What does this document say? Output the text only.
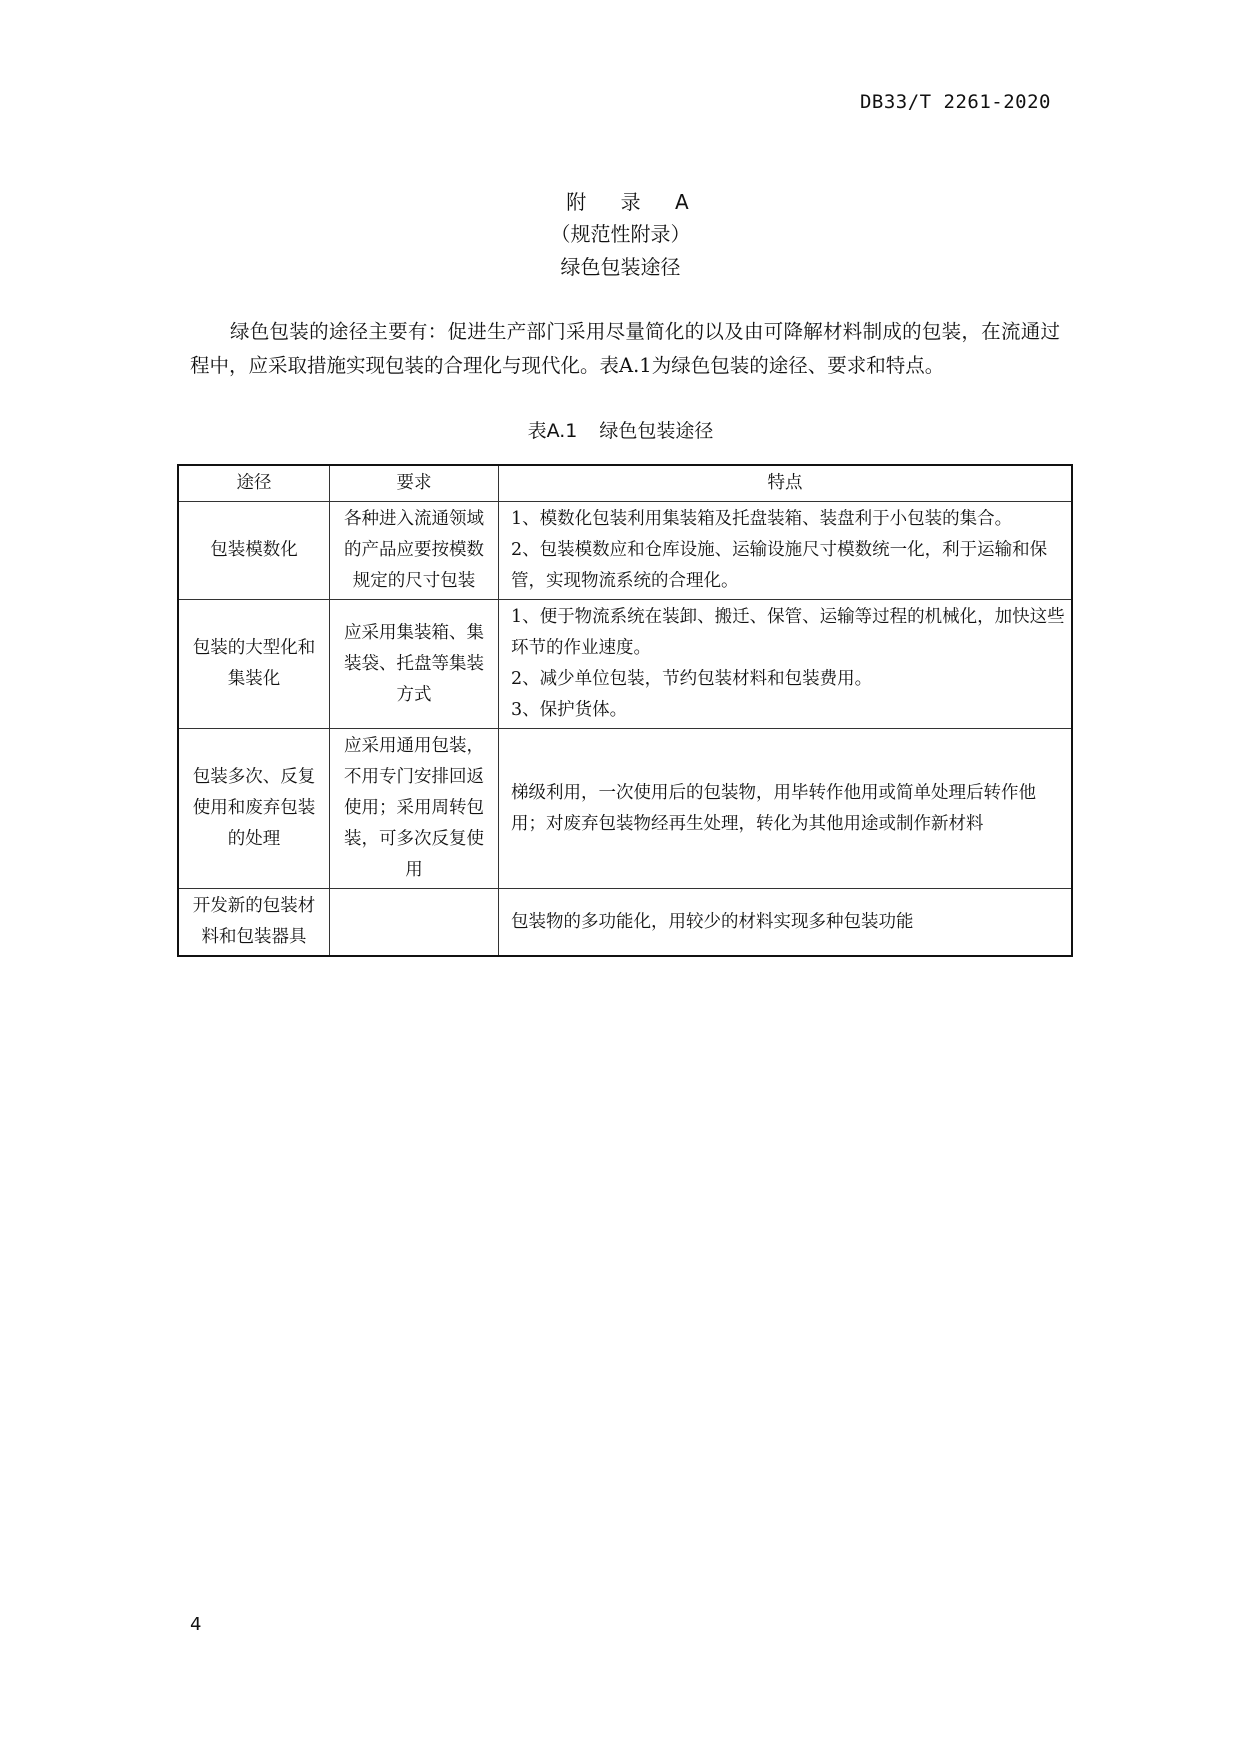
DB33/T 2261-2020
附 录 A
（规范性附录）
绿色包装途径

绿色包装的途径主要有：促进生产部门采用尽量简化的以及由可降解材料制成的包装，在流通过程中，应采取措施实现包装的合理化与现代化。表A.1为绿色包装的途径、要求和特点。

表A.1 绿色包装途径
途径	要求	特点
包装模数化	各种进入流通领域的产品应要按模数规定的尺寸包装	1、模数化包装利用集装箱及托盘装箱、装盘利于小包装的集合。
2、包装模数应和仓库设施、运输设施尺寸模数统一化，利于运输和保管，实现物流系统的合理化。

包装的大型化和集装化	应采用集装箱、集装袋、托盘等集装方式	1、便于物流系统在装卸、搬迁、保管、运输等过程的机械化，加快这些环节的作业速度。
2、减少单位包装，节约包装材料和包装费用。
3、保护货体。

包装多次、反复使用和废弃包装的处理	应采用通用包装，不用专门安排回返使用；采用周转包装，可多次反复使用	梯级利用，一次使用后的包装物，用毕转作他用或简单处理后转作他用；对废弃包装物经再生处理，转化为其他用途或制作新材料

开发新的包装材料和包装器具		包装物的多功能化，用较少的材料实现多种包装功能
4
